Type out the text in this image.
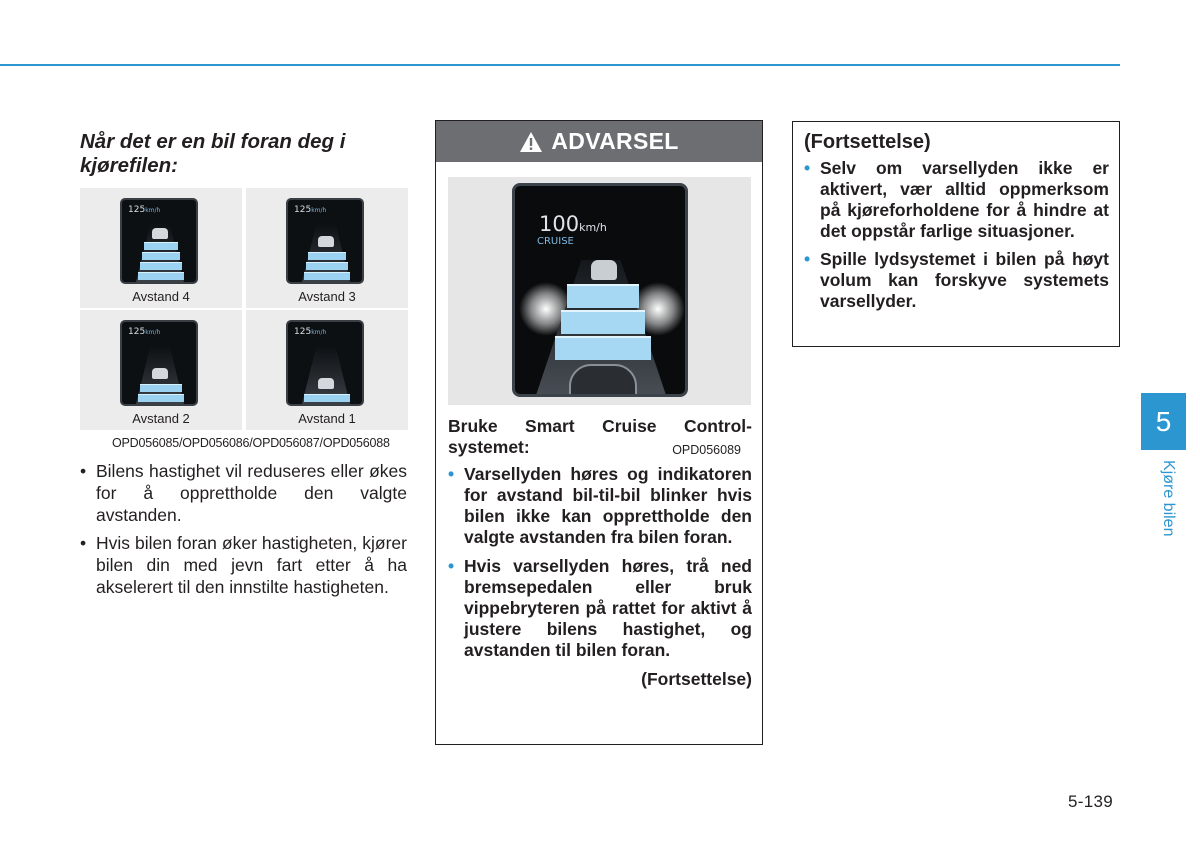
Når det er en bil foran deg i kjørefilen:
125km/h
Avstand 4
125km/h
Avstand 3
125km/h
Avstand 2
125km/h
Avstand 1
OPD056085/OPD056086/OPD056087/OPD056088

• Bilens hastighet vil reduseres eller økes for å opprettholde den valgte avstanden.

• Hvis bilen foran øker hastigheten, kjører bilen din med jevn fart etter å ha akselerert til den innstilte hastigheten.

ADVARSEL
100km/h
CRUISE
OPD056089

Bruke Smart Cruise Control-systemet:

• Varsellyden høres og indikatoren for avstand bil-til-bil blinker hvis bilen ikke kan opprettholde den valgte avstanden fra bilen foran.

• Hvis varsellyden høres, trå ned bremsepedalen eller bruk vippebryteren på rattet for aktivt å justere bilens hastighet, og avstanden til bilen foran.

(Fortsettelse)

(Fortsettelse)

• Selv om varsellyden ikke er aktivert, vær alltid oppmerksom på kjøreforholdene for å hindre at det oppstår farlige situasjoner.

• Spille lydsystemet i bilen på høyt volum kan forskyve systemets varsellyder.

5
Kjøre bilen
5-139
